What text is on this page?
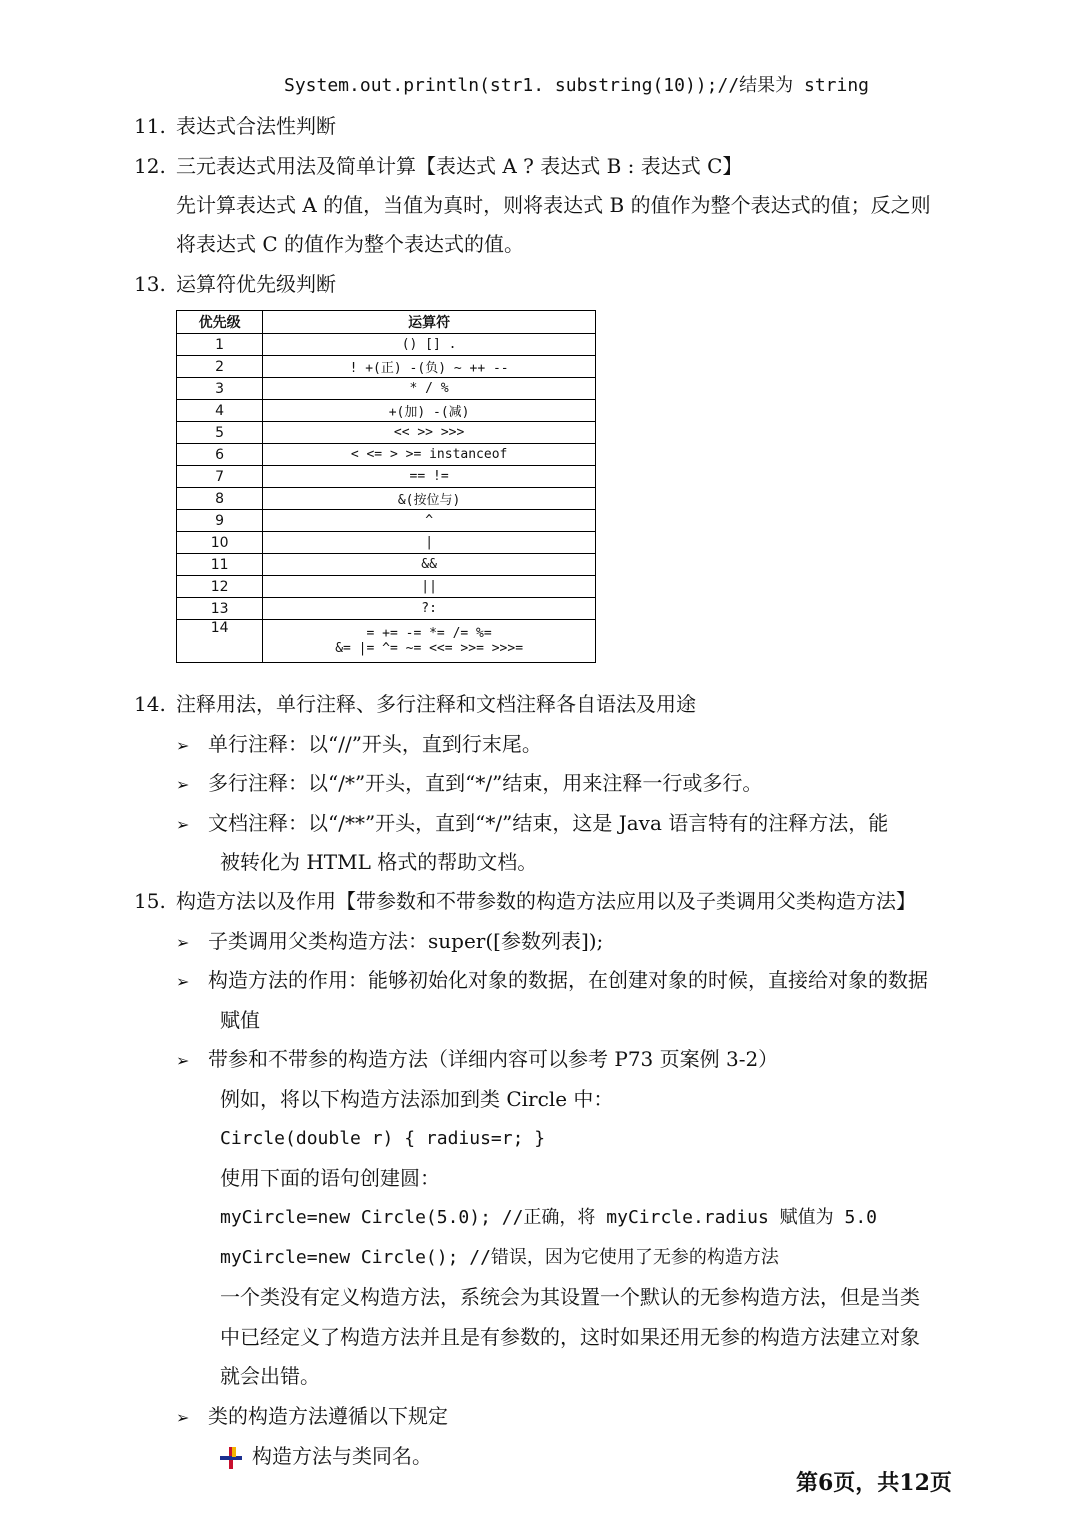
System.out.println(str1. substring(10));//结果为 string
11. 表达式合法性判断
12. 三元表达式用法及简单计算【表达式 A ? 表达式 B : 表达式 C】
先计算表达式 A 的值，当值为真时，则将表达式 B 的值作为整个表达式的值；反之则
将表达式 C 的值作为整个表达式的值。
13. 运算符优先级判断
优先级	运算符
1	() [] .
2	! +(正) -(负) ~ ++ --
3	* / %
4	+(加) -(减)
5	<< >> >>>
6	< <= > >= instanceof
7	== !=
8	&(按位与)
9	^
10	|
11	&&
12	||
13	?:
14	= += -= *= /= %=
&= |= ^= ~= <<= >>= >>>=
14. 注释用法，单行注释、多行注释和文档注释各自语法及用途
➢ 单行注释：以“//”开头，直到行末尾。
➢ 多行注释：以“/*”开头，直到“*/”结束，用来注释一行或多行。
➢ 文档注释：以“/**”开头，直到“*/”结束，这是 Java 语言特有的注释方法，能
被转化为 HTML 格式的帮助文档。
15. 构造方法以及作用【带参数和不带参数的构造方法应用以及子类调用父类构造方法】
➢ 子类调用父类构造方法：super([参数列表]);
➢ 构造方法的作用：能够初始化对象的数据，在创建对象的时候，直接给对象的数据
赋值
➢ 带参和不带参的构造方法（详细内容可以参考 P73 页案例 3-2）
例如，将以下构造方法添加到类 Circle 中：
Circle(double r) { radius=r; }
使用下面的语句创建圆：
myCircle=new Circle(5.0); //正确，将 myCircle.radius 赋值为 5.0
myCircle=new Circle(); //错误，因为它使用了无参的构造方法
一个类没有定义构造方法，系统会为其设置一个默认的无参构造方法，但是当类
中已经定义了构造方法并且是有参数的，这时如果还用无参的构造方法建立对象
就会出错。
➢ 类的构造方法遵循以下规定
构造方法与类同名。
第6页，共12页
